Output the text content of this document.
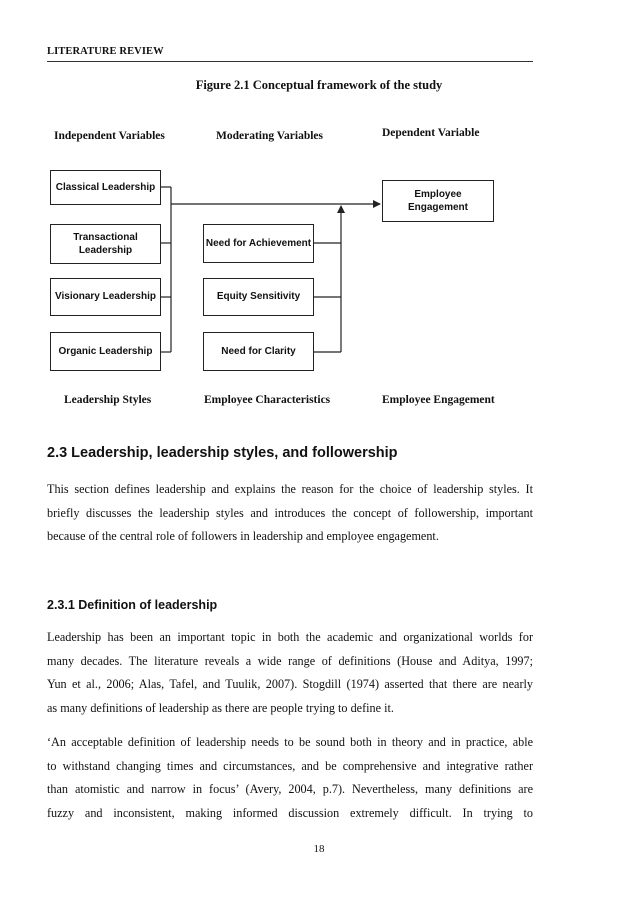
LITERATURE REVIEW
Figure 2.1 Conceptual framework of the study
Independent Variables	Moderating Variables	Dependent Variable
Classical Leadership
Transactional
Leadership
Visionary Leadership
Organic Leadership
Need for Achievement
Equity Sensitivity
Need for Clarity
Employee
Engagement
Leadership Styles	Employee Characteristics	Employee Engagement
2.3 Leadership, leadership styles, and followership

This section defines leadership and explains the reason for the choice of leadership styles. It
briefly discusses the leadership styles and introduces the concept of followership, important
because of the central role of followers in leadership and employee engagement.

2.3.1 Definition of leadership

Leadership has been an important topic in both the academic and organizational worlds for
many decades. The literature reveals a wide range of definitions (House and Aditya, 1997;
Yun et al., 2006; Alas, Tafel, and Tuulik, 2007). Stogdill (1974) asserted that there are nearly
as many definitions of leadership as there are people trying to define it.

‘An acceptable definition of leadership needs to be sound both in theory and in practice, able
to withstand changing times and circumstances, and be comprehensive and integrative rather
than atomistic and narrow in focus’ (Avery, 2004, p.7). Nevertheless, many definitions are
fuzzy and inconsistent, making informed discussion extremely difficult. In trying to

18
